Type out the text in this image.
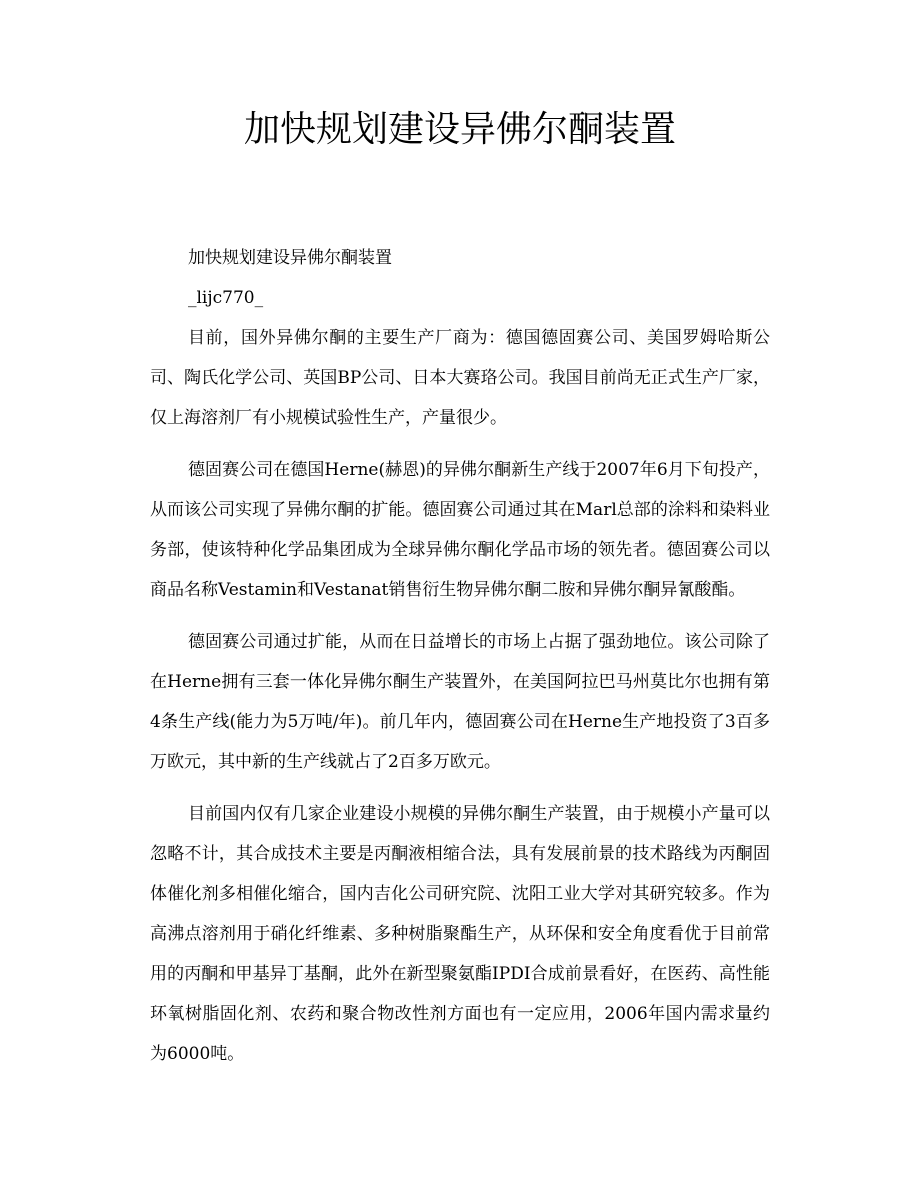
加快规划建设异佛尔酮装置

加快规划建设异佛尔酮装置

_lijc770_

目前，国外异佛尔酮的主要生产厂商为：德国德固赛公司、美国罗姆哈斯公司、陶氏化学公司、英国BP公司、日本大赛珞公司。我国目前尚无正式生产厂家，仅上海溶剂厂有小规模试验性生产，产量很少。

德固赛公司在德国Herne(赫恩)的异佛尔酮新生产线于2007年6月下旬投产，从而该公司实现了异佛尔酮的扩能。德固赛公司通过其在Marl总部的涂料和染料业务部，使该特种化学品集团成为全球异佛尔酮化学品市场的领先者。德固赛公司以商品名称Vestamin和Vestanat销售衍生物异佛尔酮二胺和异佛尔酮异氰酸酯。

德固赛公司通过扩能，从而在日益增长的市场上占据了强劲地位。该公司除了在Herne拥有三套一体化异佛尔酮生产装置外，在美国阿拉巴马州莫比尔也拥有第4条生产线(能力为5万吨/年)。前几年内，德固赛公司在Herne生产地投资了3百多万欧元，其中新的生产线就占了2百多万欧元。

目前国内仅有几家企业建设小规模的异佛尔酮生产装置，由于规模小产量可以忽略不计，其合成技术主要是丙酮液相缩合法，具有发展前景的技术路线为丙酮固体催化剂多相催化缩合，国内吉化公司研究院、沈阳工业大学对其研究较多。作为高沸点溶剂用于硝化纤维素、多种树脂聚酯生产，从环保和安全角度看优于目前常用的丙酮和甲基异丁基酮，此外在新型聚氨酯IPDI合成前景看好，在医药、高性能环氧树脂固化剂、农药和聚合物改性剂方面也有一定应用，2006年国内需求量约为6000吨。
